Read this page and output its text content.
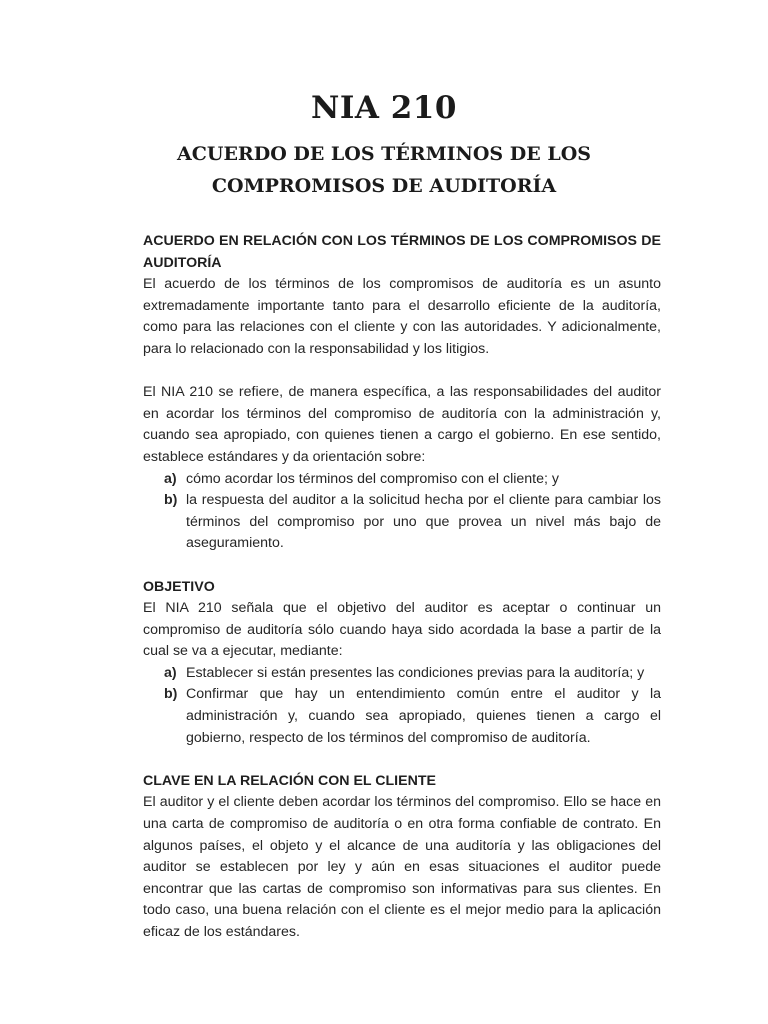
NIA 210
ACUERDO DE LOS TÉRMINOS DE LOS
COMPROMISOS DE AUDITORÍA

ACUERDO EN RELACIÓN CON LOS TÉRMINOS DE LOS COMPROMISOS DE AUDITORÍA

El acuerdo de los términos de los compromisos de auditoría es un asunto extremadamente importante tanto para el desarrollo eficiente de la auditoría, como para las relaciones con el cliente y con las autoridades. Y adicionalmente, para lo relacionado con la responsabilidad y los litigios.

El NIA 210 se refiere, de manera específica, a las responsabilidades del auditor en acordar los términos del compromiso de auditoría con la administración y, cuando sea apropiado, con quienes tienen a cargo el gobierno. En ese sentido, establece estándares y da orientación sobre:

a) cómo acordar los términos del compromiso con el cliente; y
b) la respuesta del auditor a la solicitud hecha por el cliente para cambiar los términos del compromiso por uno que provea un nivel más bajo de aseguramiento.

OBJETIVO

El NIA 210 señala que el objetivo del auditor es aceptar o continuar un compromiso de auditoría sólo cuando haya sido acordada la base a partir de la cual se va a ejecutar, mediante:

a) Establecer si están presentes las condiciones previas para la auditoría; y
b) Confirmar que hay un entendimiento común entre el auditor y la administración y, cuando sea apropiado, quienes tienen a cargo el gobierno, respecto de los términos del compromiso de auditoría.

CLAVE EN LA RELACIÓN CON EL CLIENTE

El auditor y el cliente deben acordar los términos del compromiso. Ello se hace en una carta de compromiso de auditoría o en otra forma confiable de contrato. En algunos países, el objeto y el alcance de una auditoría y las obligaciones del auditor se establecen por ley y aún en esas situaciones el auditor puede encontrar que las cartas de compromiso son informativas para sus clientes. En todo caso, una buena relación con el cliente es el mejor medio para la aplicación eficaz de los estándares.
